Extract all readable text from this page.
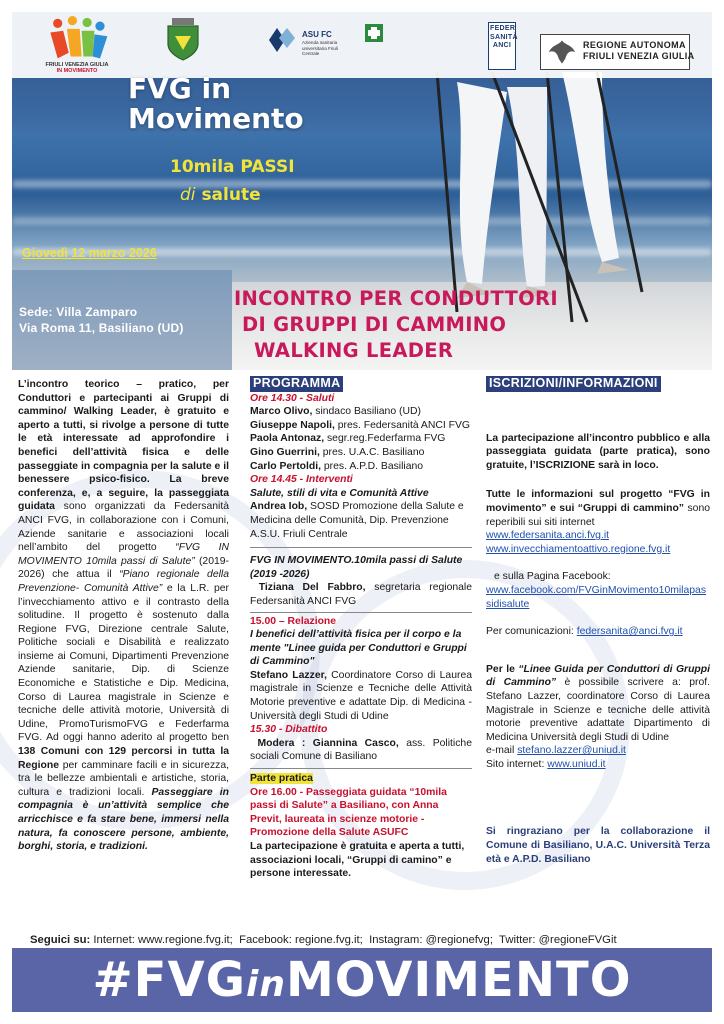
FRIULI VENEZIA GIULIA
IN MOVIMENTO
ASU FC
Azienda sanitaria universitaria Friuli Centrale
FEDER SANITÀ ANCI	REGIONE AUTONOMA
FRIULI VENEZIA GIULIA
FVG in
Movimento
10mila PASSI
di salute
Giovedì 12 marzo 2026
Sede: Villa Zamparo
Via Roma 11, Basiliano (UD)
INCONTRO PER CONDUTTORI
DI GRUPPI DI CAMMINO
WALKING LEADER
L’incontro teorico – pratico, per Conduttori e partecipanti ai Gruppi di cammino/ Walking Leader, è gratuito e aperto a tutti, si rivolge a persone di tutte le età interessate ad approfondire i benefici dell’attività fisica e delle passeggiate in compagnia per la salute e il benessere psico-fisico. La breve conferenza, e, a seguire, la passeggiata guidata sono organizzati da Federsanità ANCI FVG, in collaborazione con i Comuni, Aziende sanitarie e associazioni locali nell’ambito del progetto “FVG IN MOVIMENTO 10mila passi di Salute” (2019- 2026) che attua il “Piano regionale della Prevenzione- Comunità Attive” e la L.R. per l’invecchiamento attivo e il contrasto della solitudine. Il progetto è sostenuto dalla Regione FVG, Direzione centrale Salute, Politiche sociali e Disabilità e realizzato insieme ai Comuni, Dipartimenti Prevenzione Aziende sanitarie, Dip. di Scienze Economiche e Statistiche e Dip. Medicina, Corso di Laurea magistrale in Scienze e tecniche delle attività motorie, Università di Udine, PromoTurismoFVG e Federfarma FVG. Ad oggi hanno aderito al progetto ben 138 Comuni con 129 percorsi in tutta la Regione per camminare facili e in sicurezza, tra le bellezze ambientali e artistiche, storia, cultura e tradizioni locali. Passeggiare in compagnia è un’attività semplice che arricchisce e fa stare bene, immersi nella natura, fa conoscere persone, ambiente, borghi, storia, e tradizioni.
PROGRAMMA
Ore 14.30 - Saluti
Marco Olivo, sindaco Basiliano (UD)
Giuseppe Napoli, pres. Federsanità ANCI FVG
Paola Antonaz, segr.reg.Federfarma FVG
Gino Guerrini, pres. U.A.C. Basiliano
Carlo Pertoldi, pres. A.P.D. Basiliano
Ore 14.45 - Interventi
Salute, stili di vita e Comunità Attive
Andrea Iob, SOSD Promozione della Salute e Medicina delle Comunità, Dip. Prevenzione A.S.U. Friuli Centrale
FVG IN MOVIMENTO.10mila passi di Salute (2019 -2026)
Tiziana Del Fabbro, segretaria regionale Federsanità ANCI FVG
15.00 – Relazione
I benefici dell’attività fisica per il corpo e la mente "Linee guida per Conduttori e Gruppi di Cammino"
Stefano Lazzer, Coordinatore Corso di Laurea magistrale in Scienze e Tecniche delle Attività Motorie preventive e adattate Dip. di Medicina - Università degli Studi di Udine
15.30 - Dibattito
Modera : Giannina Casco, ass. Politiche sociali Comune di Basiliano
Parte pratica
Ore 16.00 - Passeggiata guidata “10mila passi di Salute” a Basiliano, con Anna Previt, laureata in scienze motorie - Promozione della Salute ASUFC
La partecipazione è gratuita e aperta a tutti, associazioni locali, “Gruppi di camino” e persone interessate.
ISCRIZIONI/INFORMAZIONI
La partecipazione all’incontro pubblico e alla passeggiata guidata (parte pratica), sono gratuite, l’ISCRIZIONE sarà in loco.
Tutte le informazioni sul progetto “FVG in movimento” e sui “Gruppi di cammino” sono reperibili sui siti internet
www.federsanita.anci.fvg.it
www.invecchiamentoattivo.regione.fvg.it
e sulla Pagina Facebook:
www.facebook.com/FVGinMovimento10milapassidisalute
Per comunicazioni: federsanita@anci.fvg.it
Per le “Linee Guida per Conduttori di Gruppi di Cammino” è possibile scrivere a: prof. Stefano Lazzer, coordinatore Corso di Laurea Magistrale in Scienze e tecniche delle attività motorie preventive adattate Dipartimento di Medicina Università degli Studi di Udine
e-mail stefano.lazzer@uniud.it
Sito internet: www.uniud.it
Si ringraziano per la collaborazione il Comune di Basiliano, U.A.C. Università Terza età e A.P.D. Basiliano
Seguici su: Internet: www.regione.fvg.it; Facebook: regione.fvg.it; Instagram: @regionefvg; Twitter: @regioneFVGit
#FVGinMOVIMENTO
